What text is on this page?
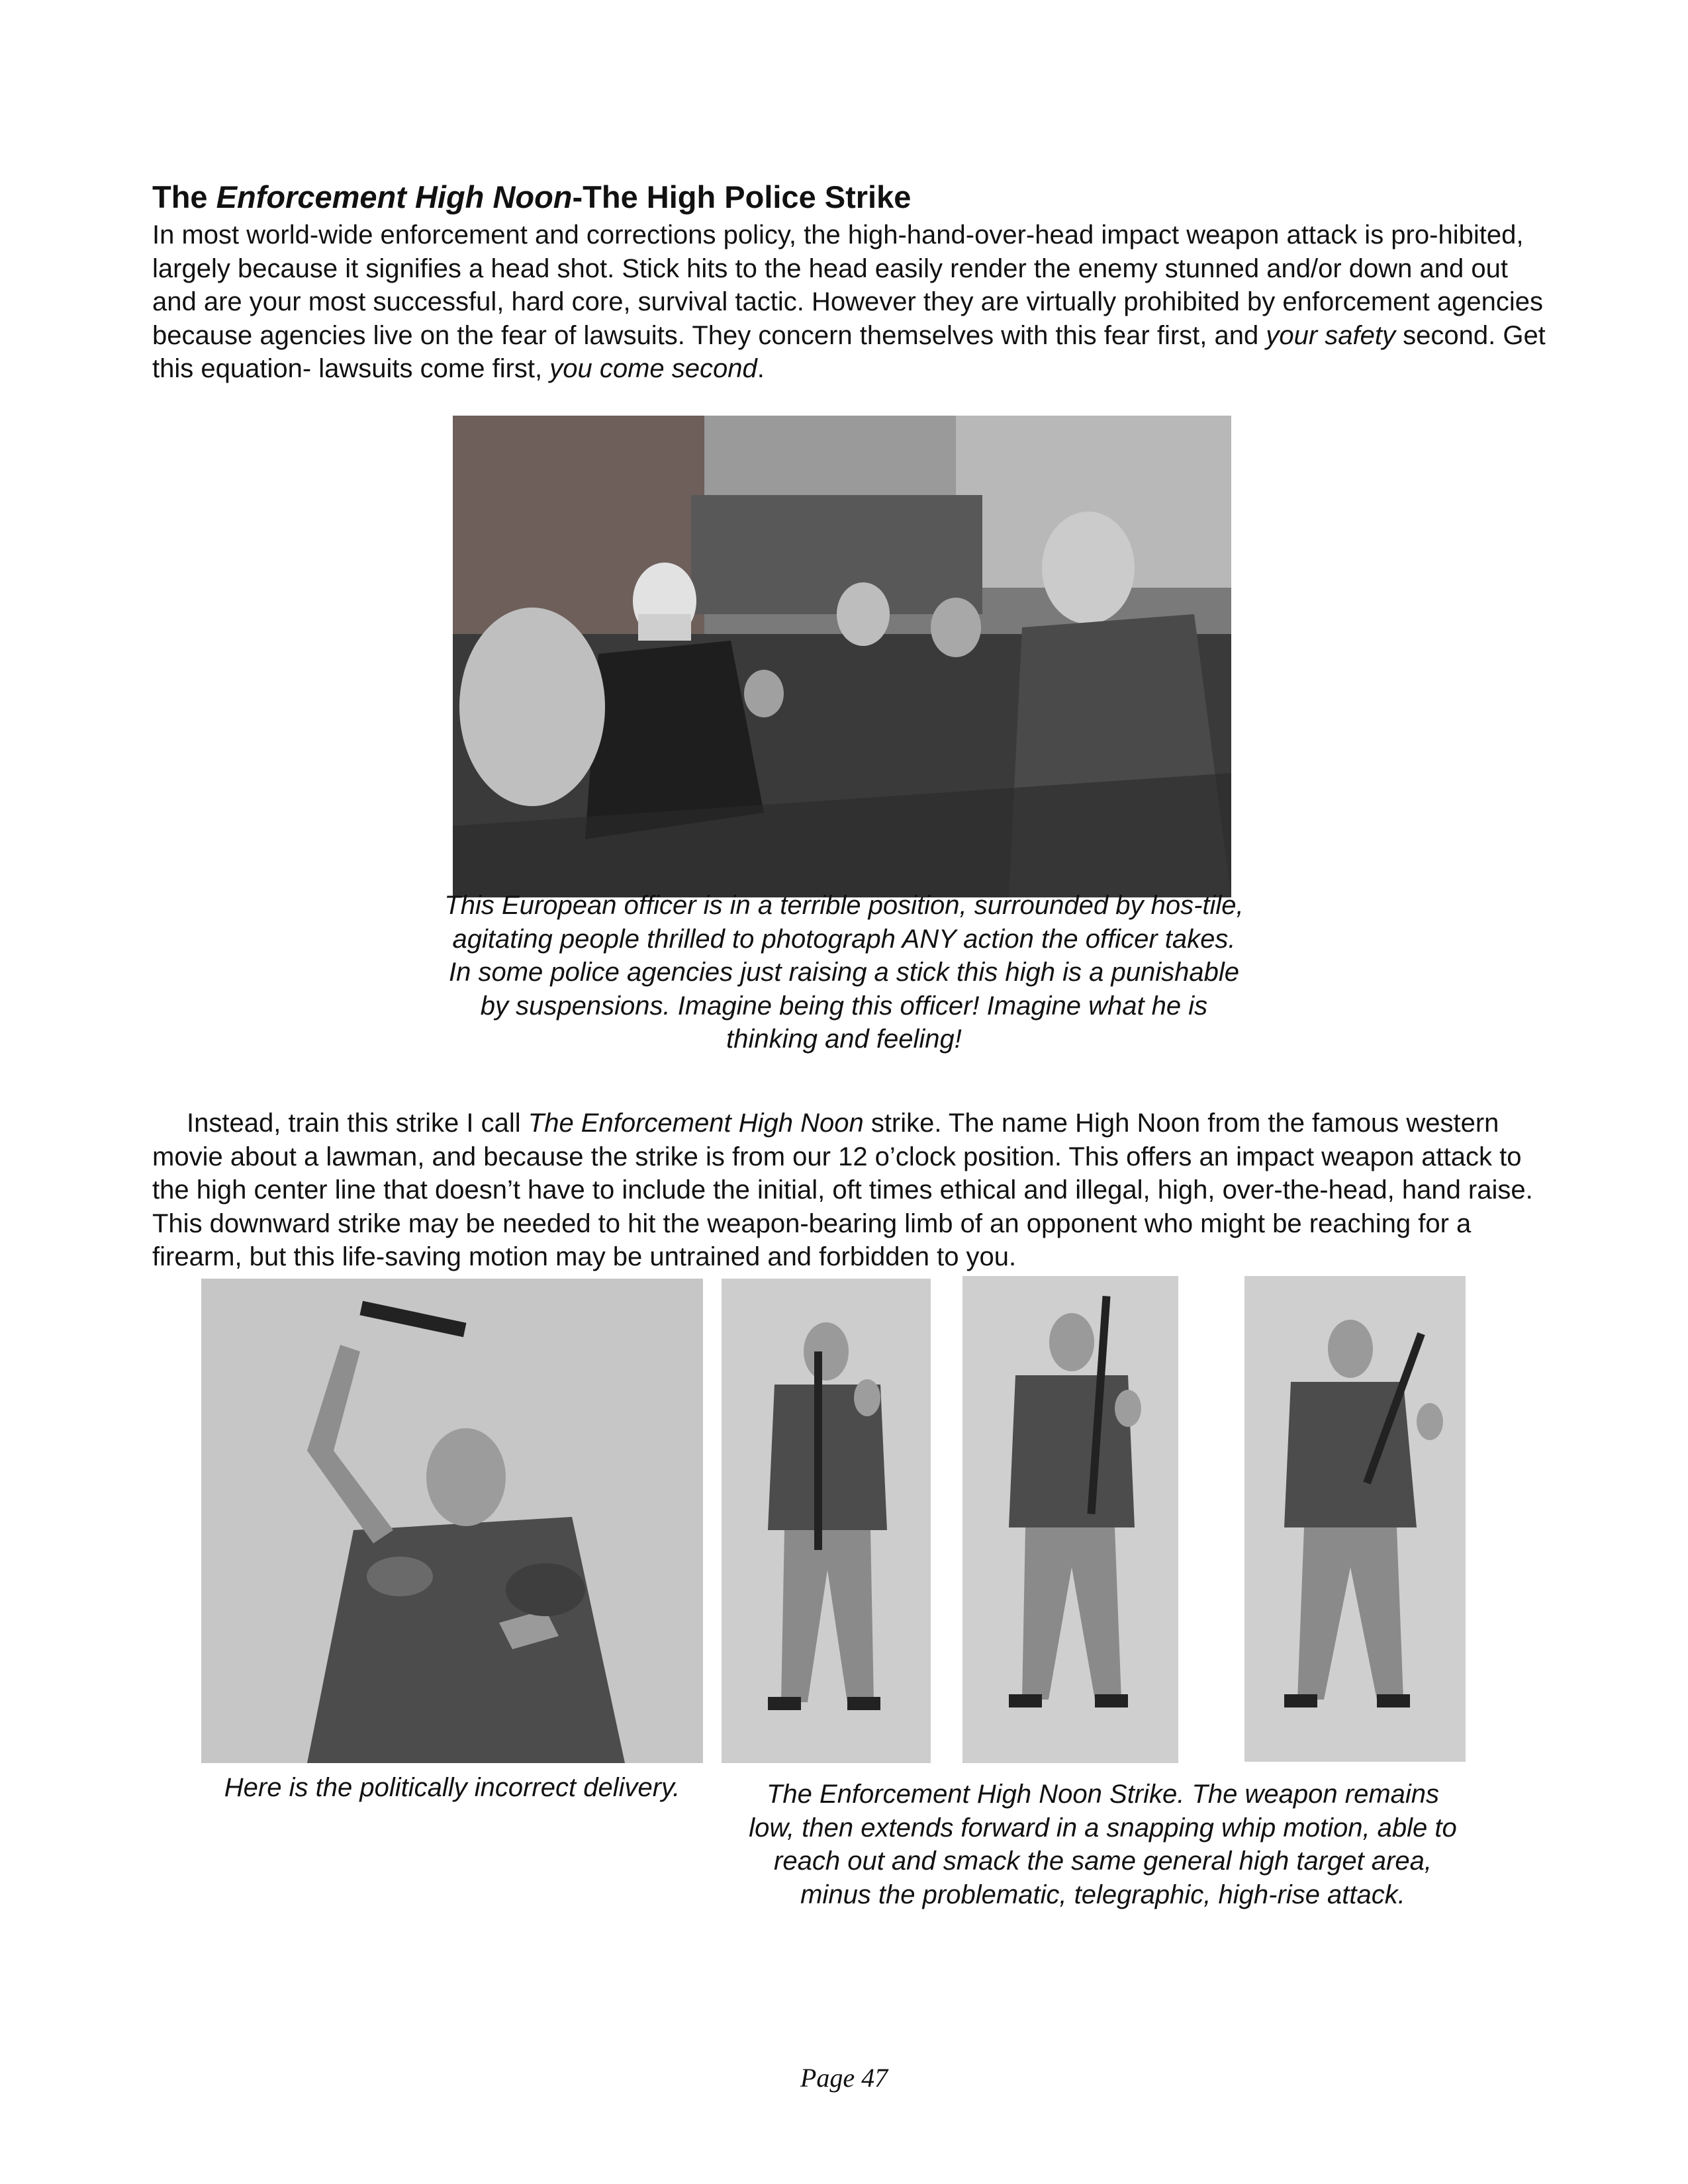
The Enforcement High Noon-The High Police Strike

In most world-wide enforcement and corrections policy, the high-hand-over-head impact weapon attack is pro-hibited, largely because it signifies a head shot. Stick hits to the head easily render the enemy stunned and/or down and out and are your most successful, hard core, survival tactic. However they are virtually prohibited by enforcement agencies because agencies live on the fear of lawsuits. They concern themselves with this fear first, and your safety second. Get this equation- lawsuits come first, you come second.

This European officer is in a terrible position, surrounded by hos-tile, agitating people thrilled to photograph ANY action the officer takes. In some police agencies just raising a stick this high is a punishable by suspensions. Imagine being this officer! Imagine what he is thinking and feeling!

Instead, train this strike I call The Enforcement High Noon strike. The name High Noon from the famous western movie about a lawman, and because the strike is from our 12 o’clock position. This offers an impact weapon attack to the high center line that doesn’t have to include the initial, oft times ethical and illegal, high, over-the-head, hand raise. This downward strike may be needed to hit the weapon-bearing limb of an opponent who might be reaching for a firearm, but this life-saving motion may be untrained and forbidden to you.

Here is the politically incorrect delivery.	The Enforcement High Noon Strike. The weapon remains low, then extends forward in a snapping whip motion, able to reach out and smack the same general high target area, minus the problematic, telegraphic, high-rise attack.

Page 47
